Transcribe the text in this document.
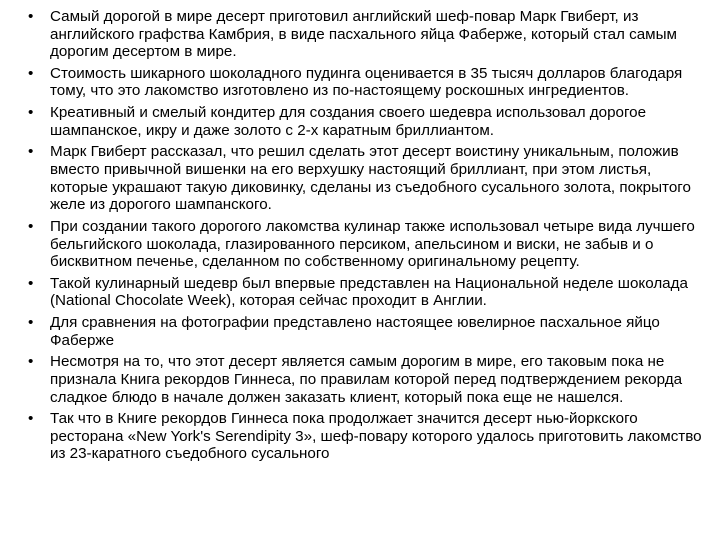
• Самый дорогой в мире десерт приготовил английский шеф-повар Марк Гвиберт, из английского графства Камбрия, в виде пасхального яйца Фаберже, который стал самым дорогим десертом в мире.
• Стоимость шикарного шоколадного пудинга оценивается в 35 тысяч долларов благодаря тому, что это лакомство изготовлено из по-настоящему роскошных ингредиентов.
• Креативный и смелый кондитер для создания своего шедевра использовал дорогое шампанское, икру и даже золото с 2-х каратным бриллиантом.
• Марк Гвиберт рассказал, что решил сделать этот десерт воистину уникальным, положив вместо привычной вишенки на его верхушку настоящий бриллиант, при этом листья, которые украшают такую диковинку, сделаны из съедобного сусального золота, покрытого желе из дорогого шампанского.
• При создании такого дорогого лакомства кулинар также использовал четыре вида лучшего бельгийского шоколада, глазированного персиком, апельсином и виски, не забыв и о бисквитном печенье, сделанном по собственному оригинальному рецепту.
• Такой кулинарный шедевр был впервые представлен на Национальной неделе шоколада (National Chocolate Week), которая сейчас проходит в Англии.
• Для сравнения на фотографии представлено настоящее ювелирное пасхальное яйцо Фаберже
• Несмотря на то, что этот десерт является самым дорогим в мире, его таковым пока не признала Книга рекордов Гиннеса, по правилам которой перед подтверждением рекорда сладкое блюдо в начале должен заказать клиент, который пока еще не нашелся.
• Так что в Книге рекордов Гиннеса пока продолжает значится десерт нью-йоркского ресторана «New York's Serendipity 3», шеф-повару которого удалось приготовить лакомство из 23-каратного съедобного сусального
